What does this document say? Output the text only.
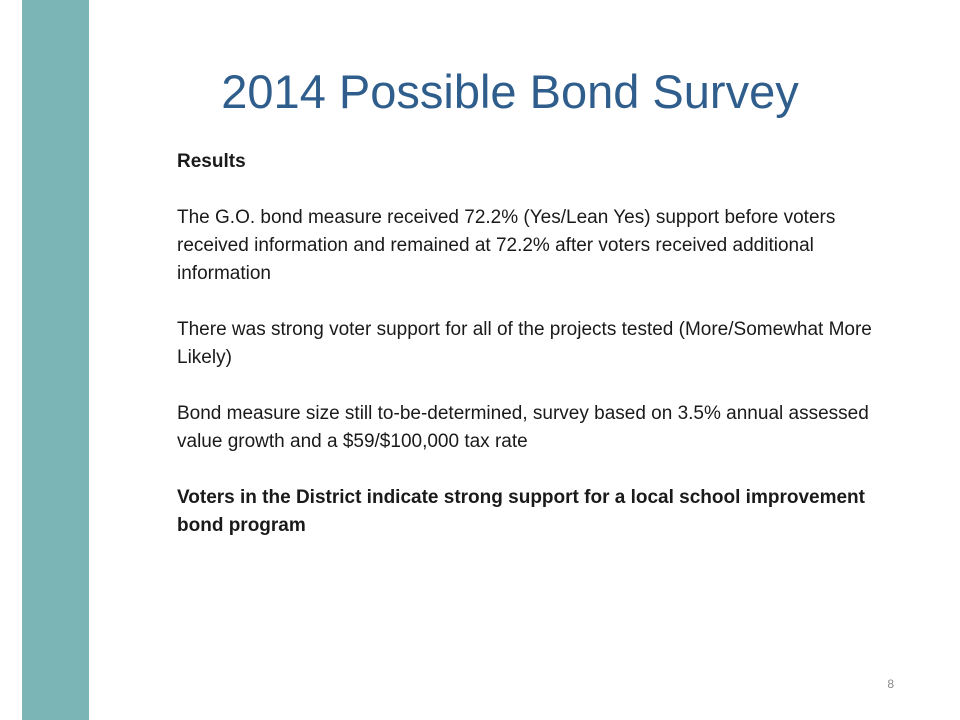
2014 Possible Bond Survey

Results

The G.O. bond measure received 72.2% (Yes/Lean Yes) support before voters received information and remained at 72.2% after voters received additional information

There was strong voter support for all of the projects tested (More/Somewhat More Likely)

Bond measure size still to-be-determined, survey based on 3.5% annual assessed value growth and a $59/$100,000 tax rate

Voters in the District indicate strong support for a local school improvement bond program

8
